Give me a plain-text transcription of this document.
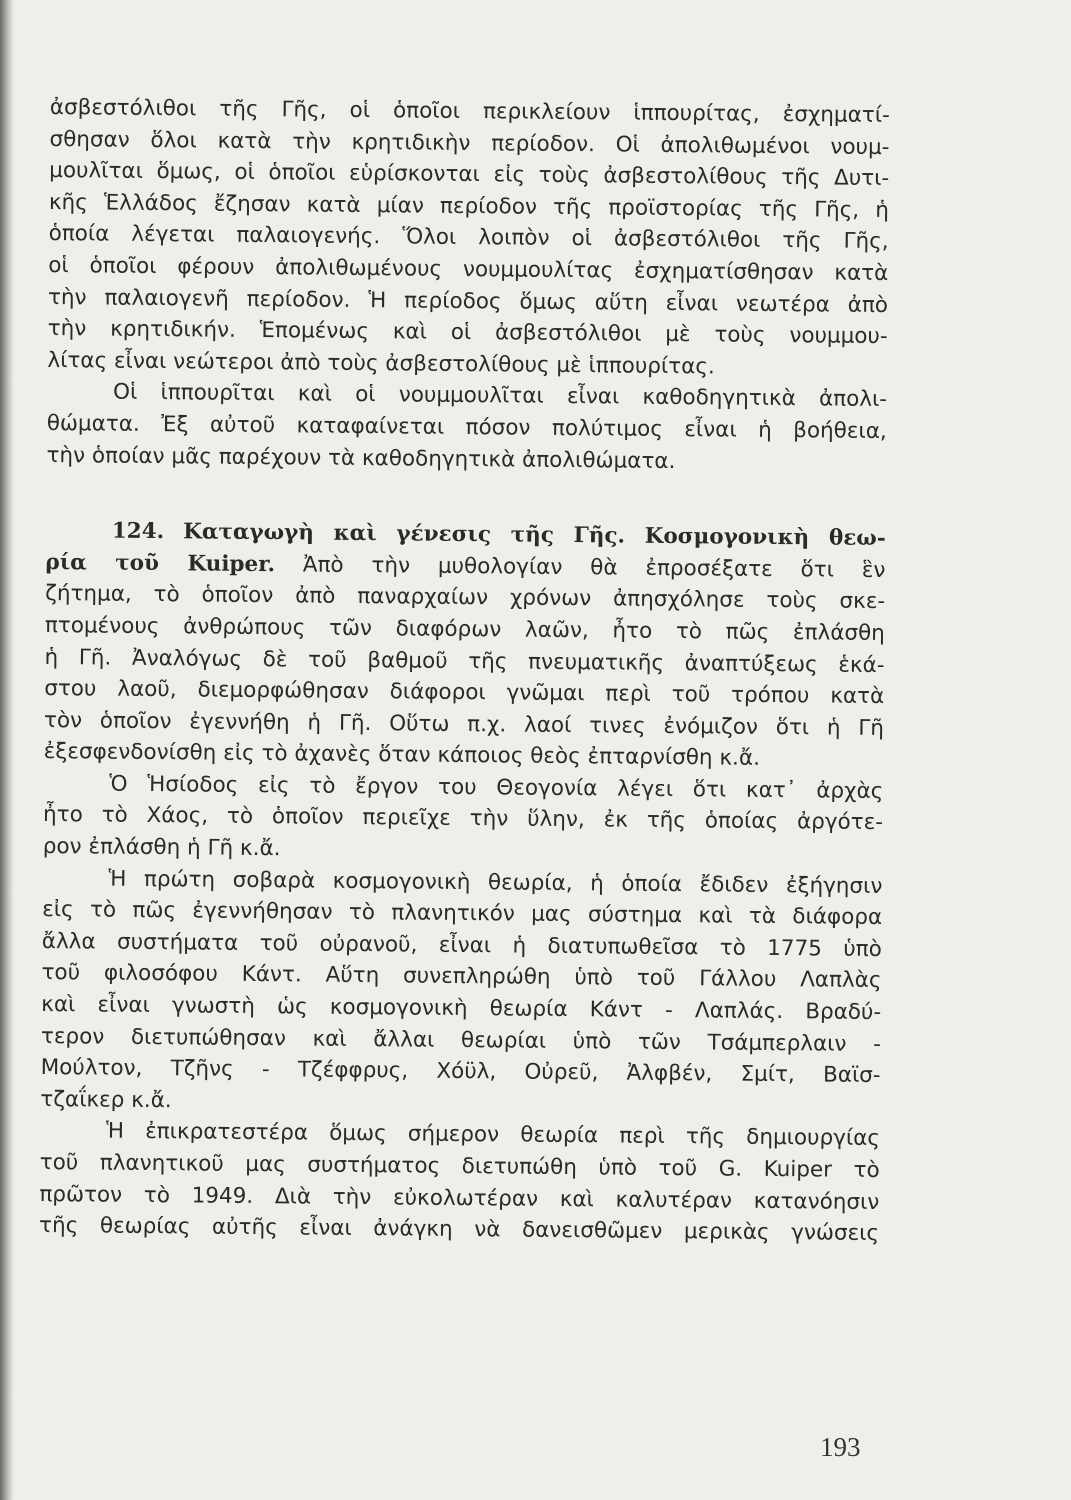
ἀσβεστόλιθοι τῆς Γῆς, οἱ ὁποῖοι περικλείουν ἱππουρίτας, ἐσχηματί-
σθησαν ὅλοι κατὰ τὴν κρητιδικὴν περίοδον. Οἱ ἀπολιθωμένοι νουμ-
μουλῖται ὅμως, οἱ ὁποῖοι εὑρίσκονται εἰς τοὺς ἀσβεστολίθους τῆς Δυτι-
κῆς Ἑλλάδος ἔζησαν κατὰ μίαν περίοδον τῆς προϊστορίας τῆς Γῆς, ἡ
ὁποία λέγεται παλαιογενής. Ὅλοι λοιπὸν οἱ ἀσβεστόλιθοι τῆς Γῆς,
οἱ ὁποῖοι φέρουν ἀπολιθωμένους νουμμουλίτας ἐσχηματίσθησαν κατὰ
τὴν παλαιογενῆ περίοδον. Ἡ περίοδος ὅμως αὕτη εἶναι νεωτέρα ἀπὸ
τὴν κρητιδικήν. Ἑπομένως καὶ οἱ ἀσβεστόλιθοι μὲ τοὺς νουμμου-
λίτας εἶναι νεώτεροι ἀπὸ τοὺς ἀσβεστολίθους μὲ ἱππουρίτας.
Οἱ ἱππουρῖται καὶ οἱ νουμμουλῖται εἶναι καθοδηγητικὰ ἀπολι-
θώματα. Ἐξ αὐτοῦ καταφαίνεται πόσον πολύτιμος εἶναι ἡ βοήθεια,
τὴν ὁποίαν μᾶς παρέχουν τὰ καθοδηγητικὰ ἀπολιθώματα.
124. Καταγωγὴ καὶ γένεσις τῆς Γῆς. Κοσμογονικὴ θεω-
ρία τοῦ Kuiper. Ἀπὸ τὴν μυθολογίαν θὰ ἐπροσέξατε ὅτι ἓν
ζήτημα, τὸ ὁποῖον ἀπὸ παναρχαίων χρόνων ἀπησχόλησε τοὺς σκε-
πτομένους ἀνθρώπους τῶν διαφόρων λαῶν, ἦτο τὸ πῶς ἐπλάσθη
ἡ Γῆ. Ἀναλόγως δὲ τοῦ βαθμοῦ τῆς πνευματικῆς ἀναπτύξεως ἑκά-
στου λαοῦ, διεμορφώθησαν διάφοροι γνῶμαι περὶ τοῦ τρόπου κατὰ
τὸν ὁποῖον ἐγεννήθη ἡ Γῆ. Οὕτω π.χ. λαοί τινες ἐνόμιζον ὅτι ἡ Γῆ
ἐξεσφενδονίσθη εἰς τὸ ἀχανὲς ὅταν κάποιος θεὸς ἐπταρνίσθη κ.ἄ.
Ὁ Ἡσίοδος εἰς τὸ ἔργον του Θεογονία λέγει ὅτι κατ᾽ ἀρχὰς
ἦτο τὸ Χάος, τὸ ὁποῖον περιεῖχε τὴν ὕλην, ἐκ τῆς ὁποίας ἀργότε-
ρον ἐπλάσθη ἡ Γῆ κ.ἄ.
Ἡ πρώτη σοβαρὰ κοσμογονικὴ θεωρία, ἡ ὁποία ἔδιδεν ἐξήγησιν
εἰς τὸ πῶς ἐγεννήθησαν τὸ πλανητικόν μας σύστημα καὶ τὰ διάφορα
ἄλλα συστήματα τοῦ οὐρανοῦ, εἶναι ἡ διατυπωθεῖσα τὸ 1775 ὑπὸ
τοῦ φιλοσόφου Κάντ. Αὕτη συνεπληρώθη ὑπὸ τοῦ Γάλλου Λαπλὰς
καὶ εἶναι γνωστὴ ὡς κοσμογονικὴ θεωρία Κάντ - Λαπλάς. Βραδύ-
τερον διετυπώθησαν καὶ ἄλλαι θεωρίαι ὑπὸ τῶν Τσάμπερλαιν -
Μούλτον, Τζῆνς - Τζέφφρυς, Χόϋλ, Οὐρεῦ, Ἀλφβέν, Σμίτ, Βαϊσ-
τζαΐκερ κ.ἄ.
Ἡ ἐπικρατεστέρα ὅμως σήμερον θεωρία περὶ τῆς δημιουργίας
τοῦ πλανητικοῦ μας συστήματος διετυπώθη ὑπὸ τοῦ G. Kuiper τὸ
πρῶτον τὸ 1949. Διὰ τὴν εὐκολωτέραν καὶ καλυτέραν κατανόησιν
τῆς θεωρίας αὐτῆς εἶναι ἀνάγκη νὰ δανεισθῶμεν μερικὰς γνώσεις
193
